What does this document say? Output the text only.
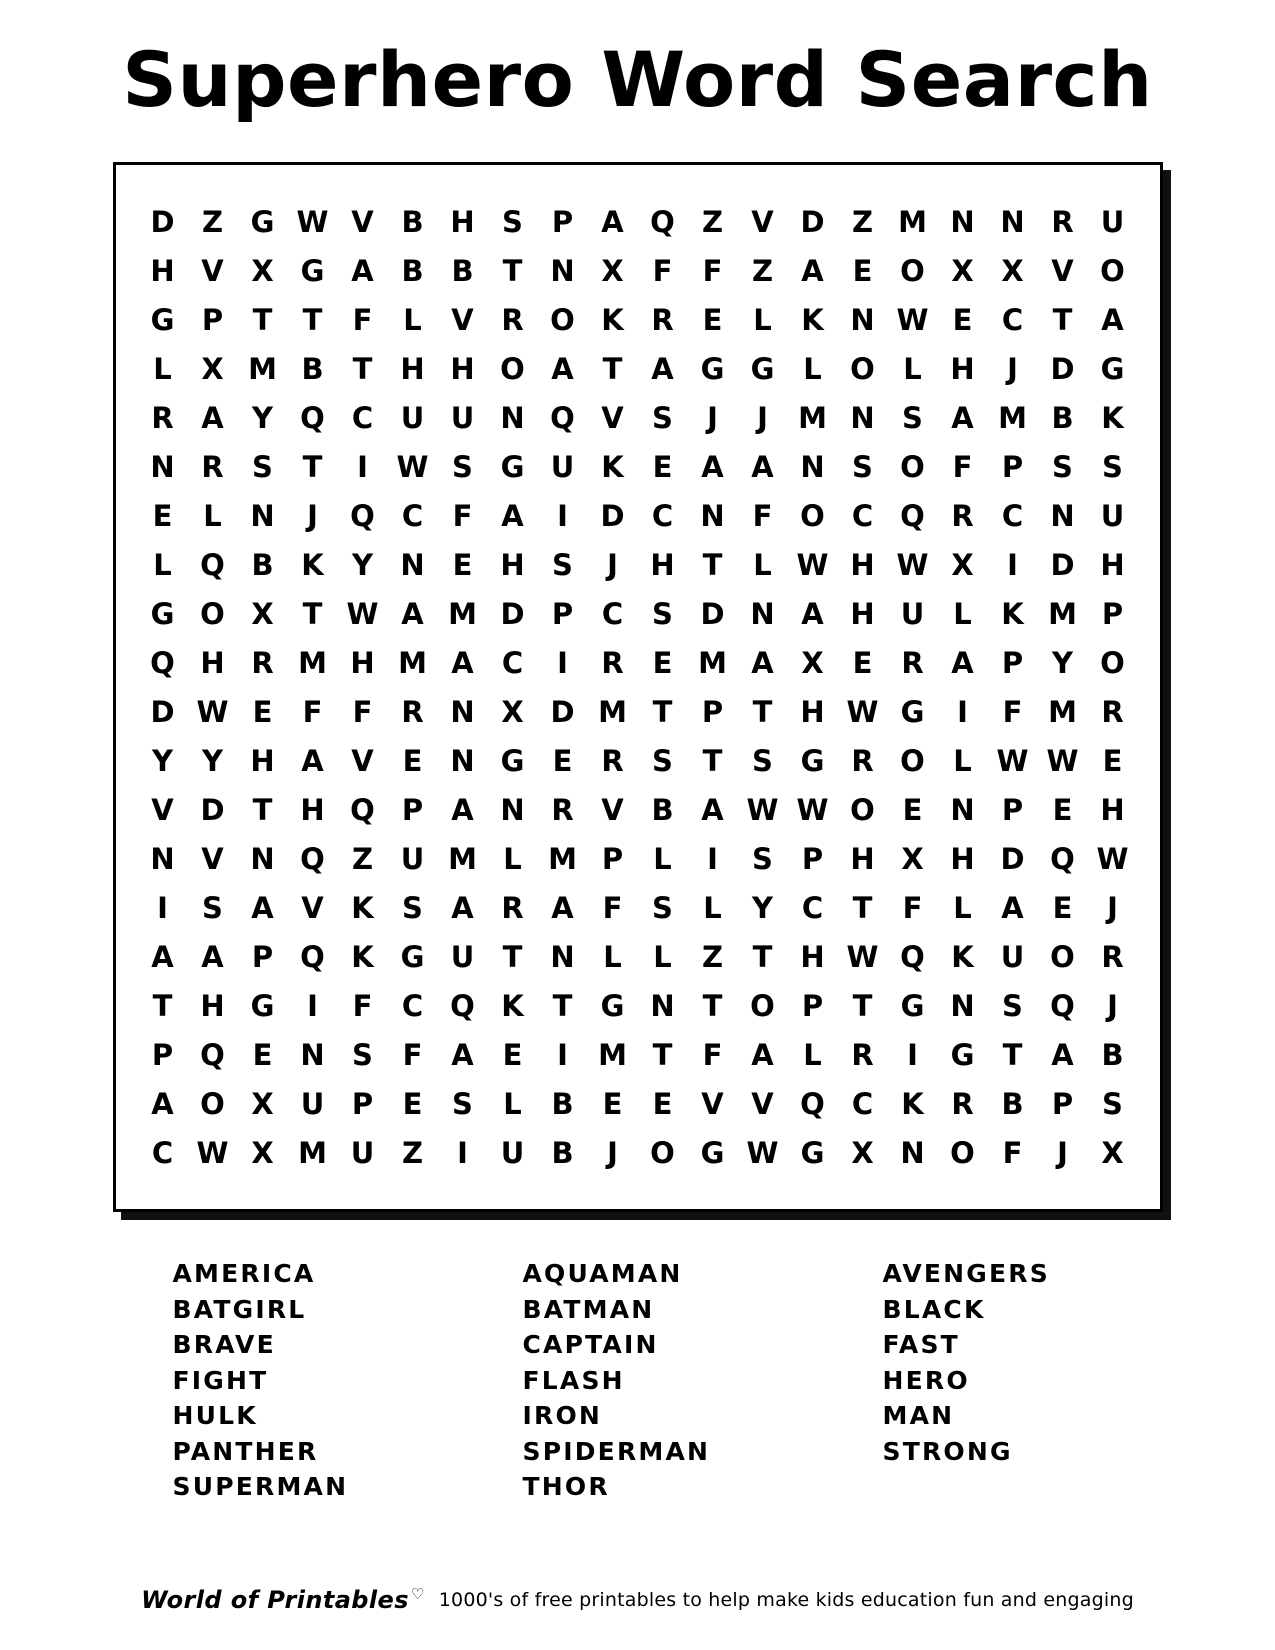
Superhero Word Search
D	Z	G	W	V	B	H	S	P	A	Q	Z	V	D	Z	M	N	N	R	U
H	V	X	G	A	B	B	T	N	X	F	F	Z	A	E	O	X	X	V	O
G	P	T	T	F	L	V	R	O	K	R	E	L	K	N	W	E	C	T	A
L	X	M	B	T	H	H	O	A	T	A	G	G	L	O	L	H	J	D	G
R	A	Y	Q	C	U	U	N	Q	V	S	J	J	M	N	S	A	M	B	K
N	R	S	T	I	W	S	G	U	K	E	A	A	N	S	O	F	P	S	S
E	L	N	J	Q	C	F	A	I	D	C	N	F	O	C	Q	R	C	N	U
L	Q	B	K	Y	N	E	H	S	J	H	T	L	W	H	W	X	I	D	H
G	O	X	T	W	A	M	D	P	C	S	D	N	A	H	U	L	K	M	P
Q	H	R	M	H	M	A	C	I	R	E	M	A	X	E	R	A	P	Y	O
D	W	E	F	F	R	N	X	D	M	T	P	T	H	W	G	I	F	M	R
Y	Y	H	A	V	E	N	G	E	R	S	T	S	G	R	O	L	W	W	E
V	D	T	H	Q	P	A	N	R	V	B	A	W	W	O	E	N	P	E	H
N	V	N	Q	Z	U	M	L	M	P	L	I	S	P	H	X	H	D	Q	W
I	S	A	V	K	S	A	R	A	F	S	L	Y	C	T	F	L	A	E	J
A	A	P	Q	K	G	U	T	N	L	L	Z	T	H	W	Q	K	U	O	R
T	H	G	I	F	C	Q	K	T	G	N	T	O	P	T	G	N	S	Q	J
P	Q	E	N	S	F	A	E	I	M	T	F	A	L	R	I	G	T	A	B
A	O	X	U	P	E	S	L	B	E	E	V	V	Q	C	K	R	B	P	S
C	W	X	M	U	Z	I	U	B	J	O	G	W	G	X	N	O	F	J	X
AMERICA
BATGIRL
BRAVE
FIGHT
HULK
PANTHER
SUPERMAN
AQUAMAN
BATMAN
CAPTAIN
FLASH
IRON
SPIDERMAN
THOR
AVENGERS
BLACK
FAST
HERO
MAN
STRONG
World of Printables ♡ 1000's of free printables to help make kids education fun and engaging
